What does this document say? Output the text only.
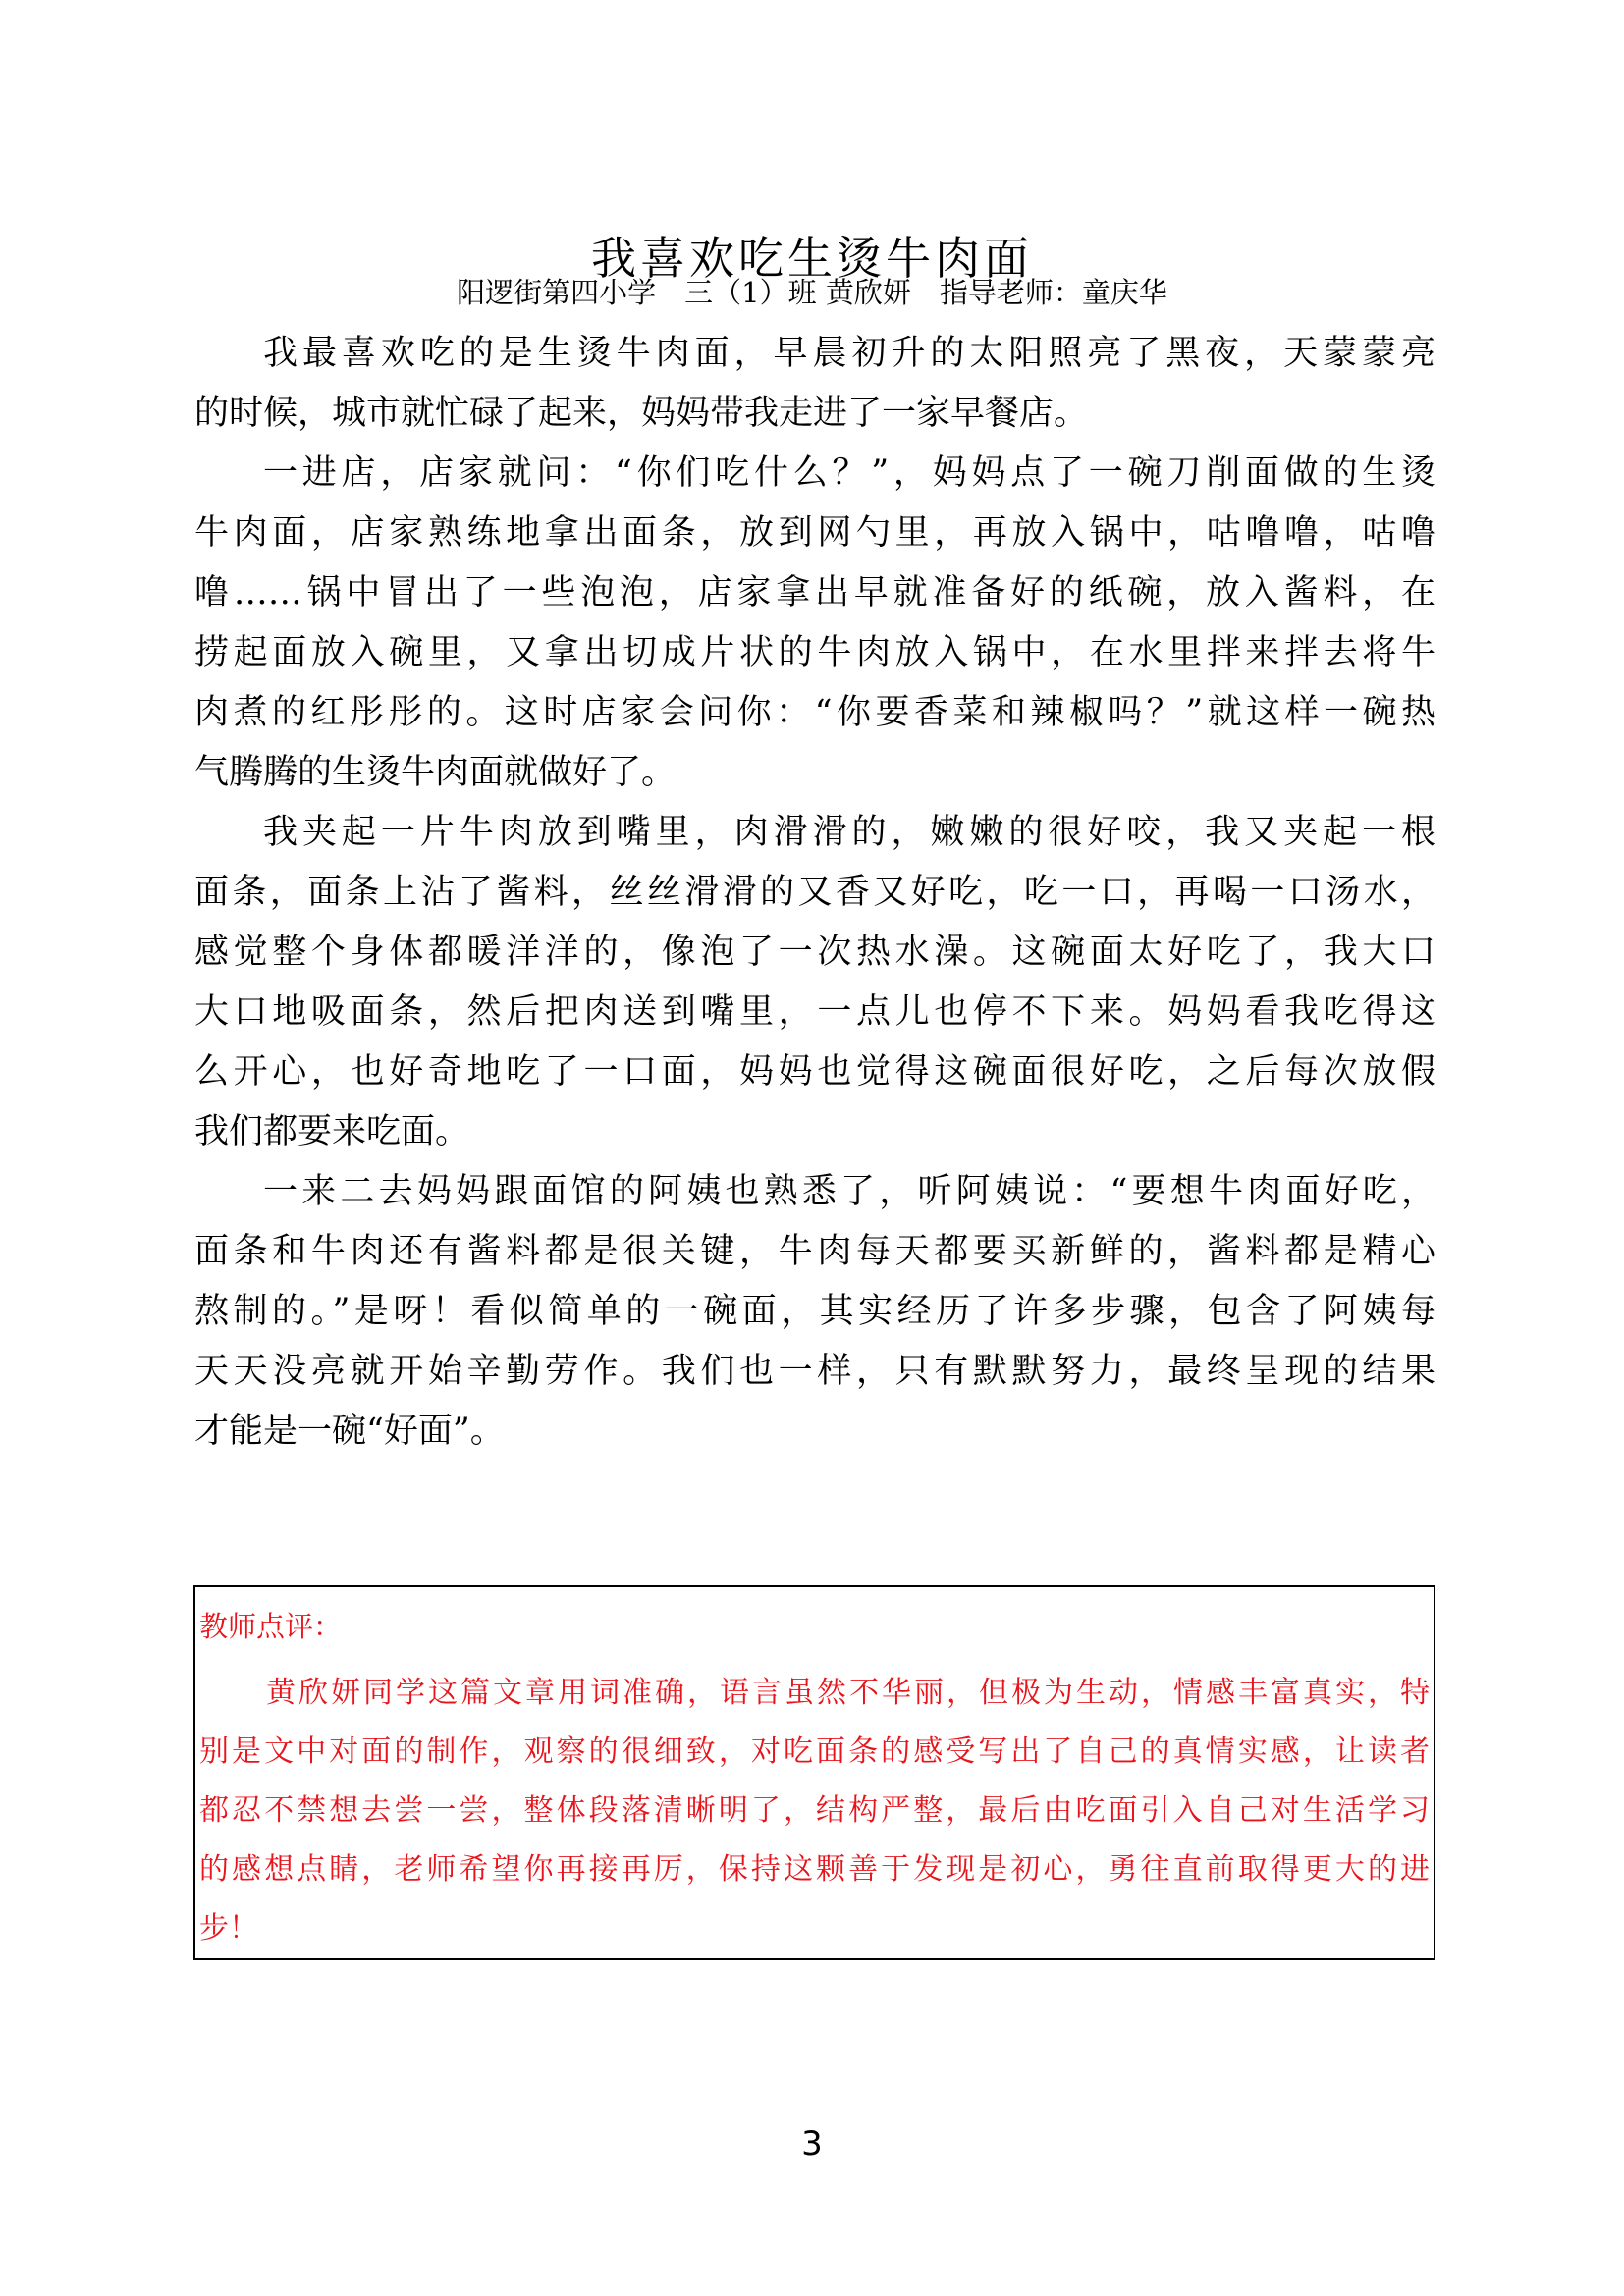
我喜欢吃生烫牛肉面
阳逻街第四小学　三（1）班 黄欣妍　指导老师：童庆华
我最喜欢吃的是生烫牛肉面，早晨初升的太阳照亮了黑夜，天蒙蒙亮
的时候，城市就忙碌了起来，妈妈带我走进了一家早餐店。
一进店，店家就问：“你们吃什么？”，妈妈点了一碗刀削面做的生烫
牛肉面，店家熟练地拿出面条，放到网勺里，再放入锅中，咕噜噜，咕噜
噜……锅中冒出了一些泡泡，店家拿出早就准备好的纸碗，放入酱料，在
捞起面放入碗里，又拿出切成片状的牛肉放入锅中，在水里拌来拌去将牛
肉煮的红彤彤的。这时店家会问你：“你要香菜和辣椒吗？”就这样一碗热
气腾腾的生烫牛肉面就做好了。
我夹起一片牛肉放到嘴里，肉滑滑的，嫩嫩的很好咬，我又夹起一根
面条，面条上沾了酱料，丝丝滑滑的又香又好吃，吃一口，再喝一口汤水，
感觉整个身体都暖洋洋的，像泡了一次热水澡。这碗面太好吃了，我大口
大口地吸面条，然后把肉送到嘴里，一点儿也停不下来。妈妈看我吃得这
么开心，也好奇地吃了一口面，妈妈也觉得这碗面很好吃，之后每次放假
我们都要来吃面。
一来二去妈妈跟面馆的阿姨也熟悉了，听阿姨说：“要想牛肉面好吃，
面条和牛肉还有酱料都是很关键，牛肉每天都要买新鲜的，酱料都是精心
熬制的。”是呀！看似简单的一碗面，其实经历了许多步骤，包含了阿姨每
天天没亮就开始辛勤劳作。我们也一样，只有默默努力，最终呈现的结果
才能是一碗“好面”。
教师点评：
黄欣妍同学这篇文章用词准确，语言虽然不华丽，但极为生动，情感丰富真实，特
别是文中对面的制作，观察的很细致，对吃面条的感受写出了自己的真情实感，让读者
都忍不禁想去尝一尝，整体段落清晰明了，结构严整，最后由吃面引入自己对生活学习
的感想点睛，老师希望你再接再厉，保持这颗善于发现是初心，勇往直前取得更大的进
步！
3
